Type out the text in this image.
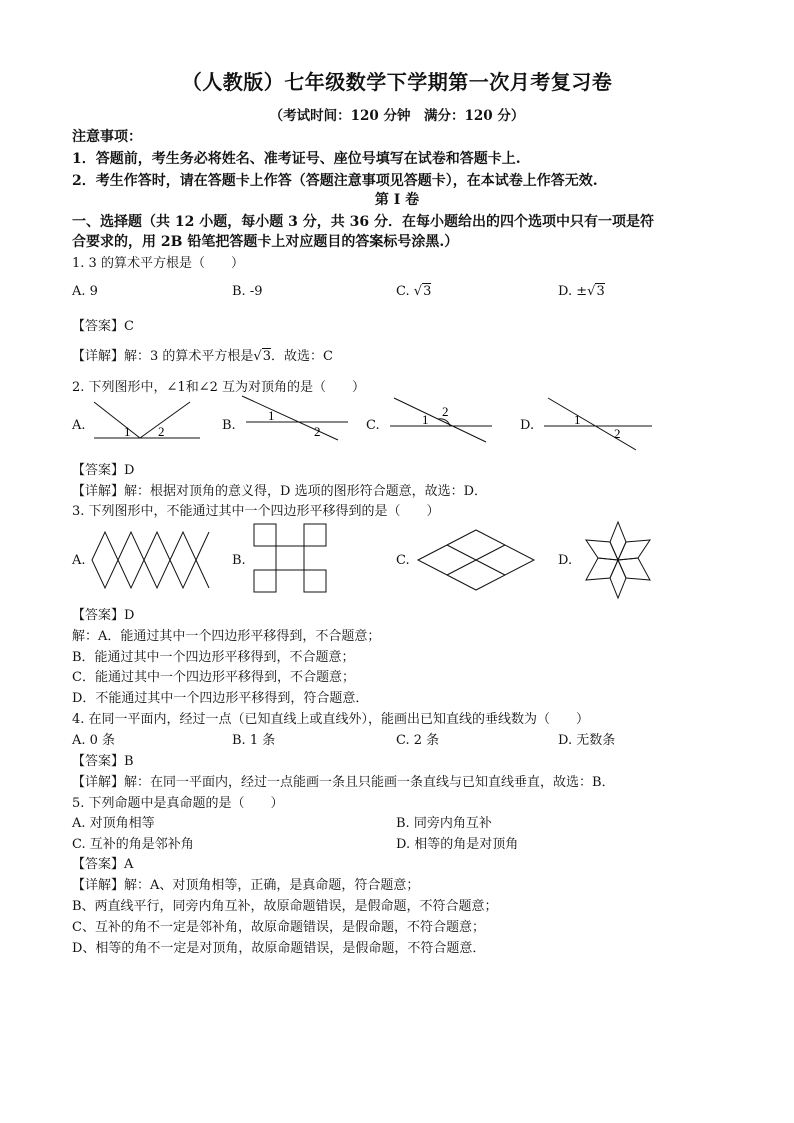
（人教版）七年级数学下学期第一次月考复习卷
（考试时间：120 分钟　满分：120 分）
注意事项：
1．答题前，考生务必将姓名、准考证号、座位号填写在试卷和答题卡上.
2．考生作答时，请在答题卡上作答（答题注意事项见答题卡），在本试卷上作答无效.
第 I 卷
一、选择题（共 12 小题，每小题 3 分，共 36 分．在每小题给出的四个选项中只有一项是符
合要求的，用 2B 铅笔把答题卡上对应题目的答案标号涂黑.）
1. 3 的算术平方根是（　　）
A. 9	B. -9	C. √3	D. ±√3
【答案】C
【详解】解：3 的算术平方根是√3．故选：C
2. 下列图形中，∠1和∠2 互为对顶角的是（　　）
A.	B.	C.	D.
1 2
1
2
1
2
1
2
【答案】D
【详解】解：根据对顶角的意义得，D 选项的图形符合题意，故选：D．
3. 下列图形中，不能通过其中一个四边形平移得到的是（　　）
A.	B.	C.	D.
【答案】D
解：A．能通过其中一个四边形平移得到，不合题意；
B．能通过其中一个四边形平移得到，不合题意；
C．能通过其中一个四边形平移得到，不合题意；
D．不能通过其中一个四边形平移得到，符合题意．
4. 在同一平面内，经过一点（已知直线上或直线外），能画出已知直线的垂线数为（　　）
A. 0 条	B. 1 条	C. 2 条	D. 无数条
【答案】B
【详解】解：在同一平面内，经过一点能画一条且只能画一条直线与已知直线垂直，故选：B．
5. 下列命题中是真命题的是（　　）
A. 对顶角相等	B. 同旁内角互补
C. 互补的角是邻补角	D. 相等的角是对顶角
【答案】A
【详解】解：A、对顶角相等，正确，是真命题，符合题意；
B、两直线平行，同旁内角互补，故原命题错误，是假命题，不符合题意；
C、互补的角不一定是邻补角，故原命题错误，是假命题，不符合题意；
D、相等的角不一定是对顶角，故原命题错误，是假命题，不符合题意．
